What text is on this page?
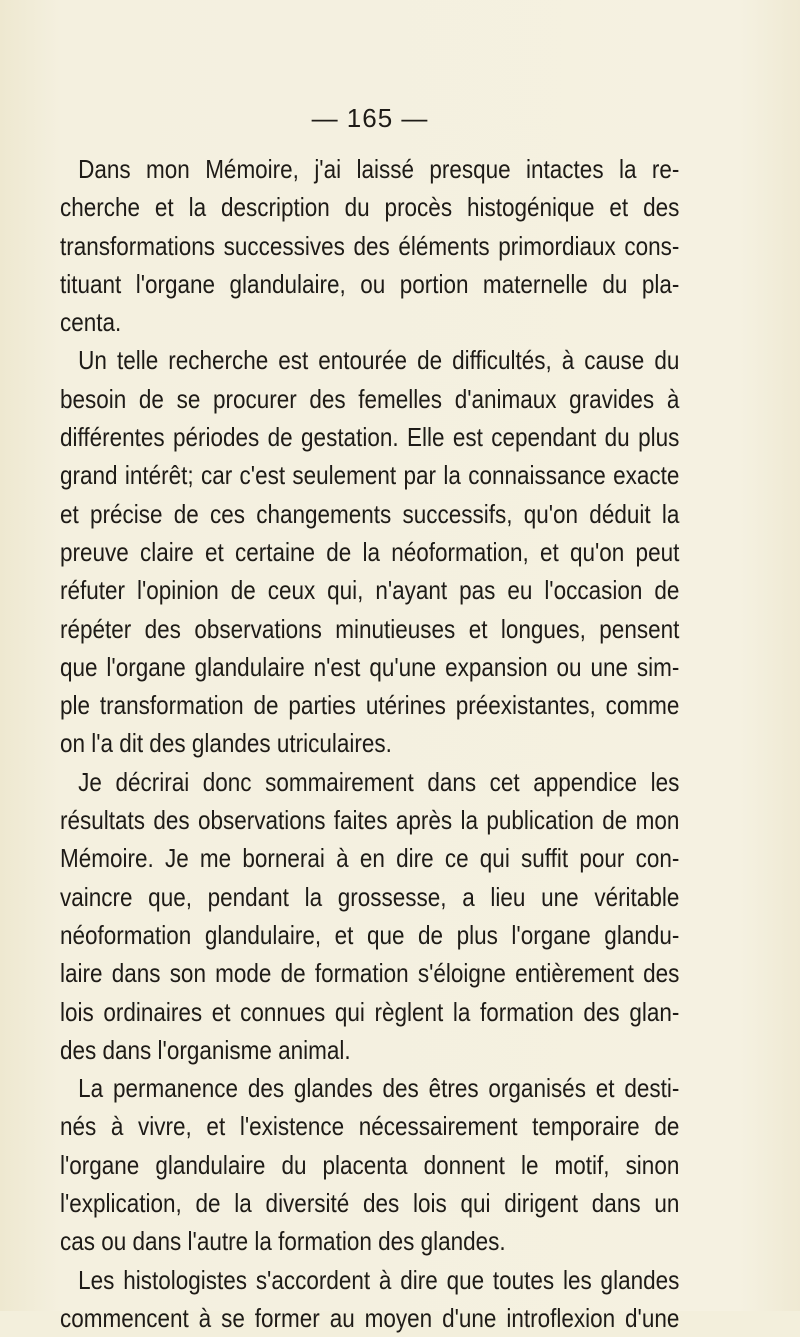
— 165 —
Dans mon Mémoire, j'ai laissé presque intactes la re-
cherche et la description du procès histogénique et des
transformations successives des éléments primordiaux cons-
tituant l'organe glandulaire, ou portion maternelle du pla-
centa.
Un telle recherche est entourée de difficultés, à cause du
besoin de se procurer des femelles d'animaux gravides à
différentes périodes de gestation. Elle est cependant du plus
grand intérêt; car c'est seulement par la connaissance exacte
et précise de ces changements successifs, qu'on déduit la
preuve claire et certaine de la néoformation, et qu'on peut
réfuter l'opinion de ceux qui, n'ayant pas eu l'occasion de
répéter des observations minutieuses et longues, pensent
que l'organe glandulaire n'est qu'une expansion ou une sim-
ple transformation de parties utérines préexistantes, comme
on l'a dit des glandes utriculaires.
Je décrirai donc sommairement dans cet appendice les
résultats des observations faites après la publication de mon
Mémoire. Je me bornerai à en dire ce qui suffit pour con-
vaincre que, pendant la grossesse, a lieu une véritable
néoformation glandulaire, et que de plus l'organe glandu-
laire dans son mode de formation s'éloigne entièrement des
lois ordinaires et connues qui règlent la formation des glan-
des dans l'organisme animal.
La permanence des glandes des êtres organisés et desti-
nés à vivre, et l'existence nécessairement temporaire de
l'organe glandulaire du placenta donnent le motif, sinon
l'explication, de la diversité des lois qui dirigent dans un
cas ou dans l'autre la formation des glandes.
Les histologistes s'accordent à dire que toutes les glandes
commencent à se former au moyen d'une introflexion d'une
